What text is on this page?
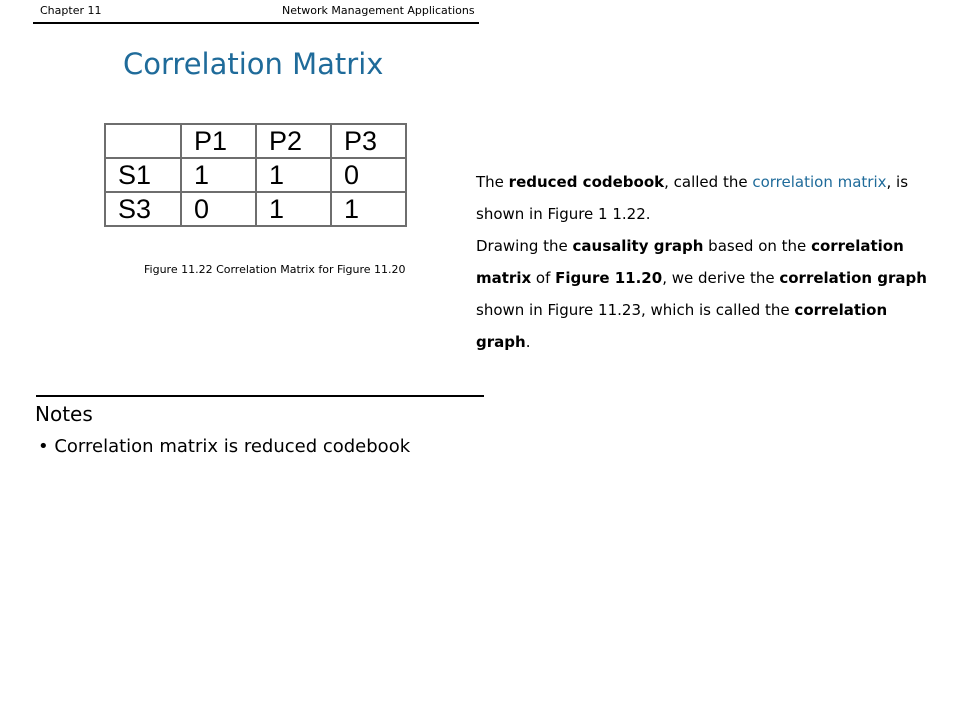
Chapter 11	Network Management Applications
Correlation Matrix
	P1	P2	P3
S1	1	1	0
S3	0	1	1
Figure 11.22 Correlation Matrix for Figure 11.20
The reduced codebook, called the correlation matrix, is shown in Figure 1 1.22.
Drawing the causality graph based on the correlation matrix of Figure 11.20, we derive the correlation graph shown in Figure 11.23, which is called the correlation graph.
Notes
• Correlation matrix is reduced codebook
